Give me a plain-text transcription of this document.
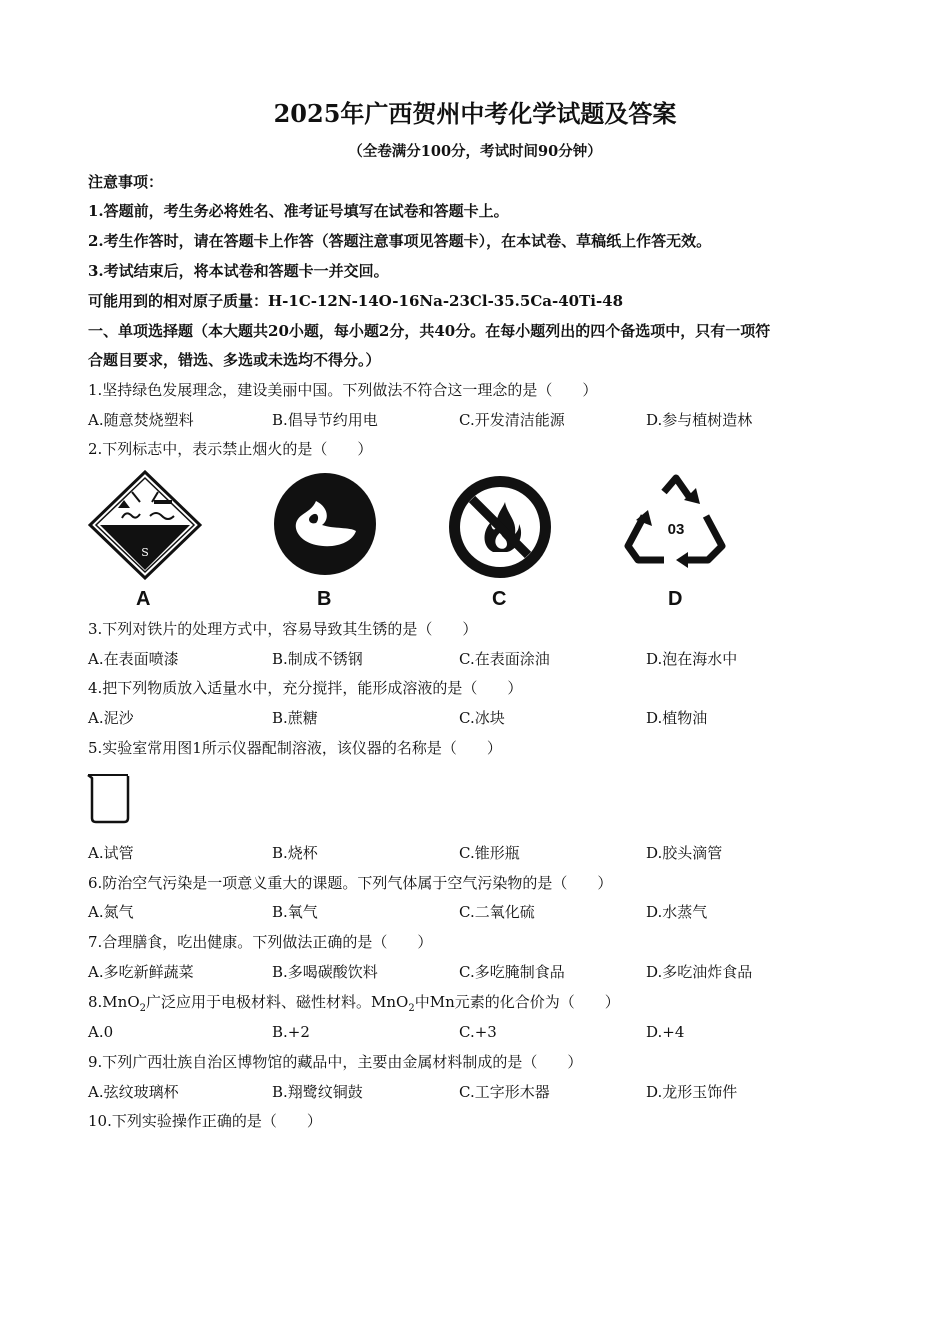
2025年广西贺州中考化学试题及答案
（全卷满分100分，考试时间90分钟）
注意事项：
1.答题前，考生务必将姓名、准考证号填写在试卷和答题卡上。
2.考生作答时，请在答题卡上作答（答题注意事项见答题卡），在本试卷、草稿纸上作答无效。
3.考试结束后，将本试卷和答题卡一并交回。
可能用到的相对原子质量：H-1C-12N-14O-16Na-23Cl-35.5Ca-40Ti-48
一、单项选择题（本大题共20小题，每小题2分，共40分。在每小题列出的四个备选项中，只有一项符
合题目要求，错选、多选或未选均不得分。）
1.坚持绿色发展理念，建设美丽中国。下列做法不符合这一理念的是（　　）
A.随意焚烧塑料	B.倡导节约用电	C.开发清洁能源	D.参与植树造林
2.下列标志中，表示禁止烟火的是（　　）
S
A	B	C
03
D
3.下列对铁片的处理方式中，容易导致其生锈的是（　　）
A.在表面喷漆	B.制成不锈钢	C.在表面涂油	D.泡在海水中
4.把下列物质放入适量水中，充分搅拌，能形成溶液的是（　　）
A.泥沙	B.蔗糖	C.冰块	D.植物油
5.实验室常用图1所示仪器配制溶液，该仪器的名称是（　　）
A.试管	B.烧杯	C.锥形瓶	D.胶头滴管
6.防治空气污染是一项意义重大的课题。下列气体属于空气污染物的是（　　）
A.氮气	B.氧气	C.二氧化硫	D.水蒸气
7.合理膳食，吃出健康。下列做法正确的是（　　）
A.多吃新鲜蔬菜	B.多喝碳酸饮料	C.多吃腌制食品	D.多吃油炸食品
8.MnO$_2$广泛应用于电极材料、磁性材料。MnO$_2$中Mn元素的化合价为（　　）
A.0	B.+2	C.+3	D.+4
9.下列广西壮族自治区博物馆的藏品中，主要由金属材料制成的是（　　）
A.弦纹玻璃杯	B.翔鹭纹铜鼓	C.工字形木器	D.龙形玉饰件
10.下列实验操作正确的是（　　）
